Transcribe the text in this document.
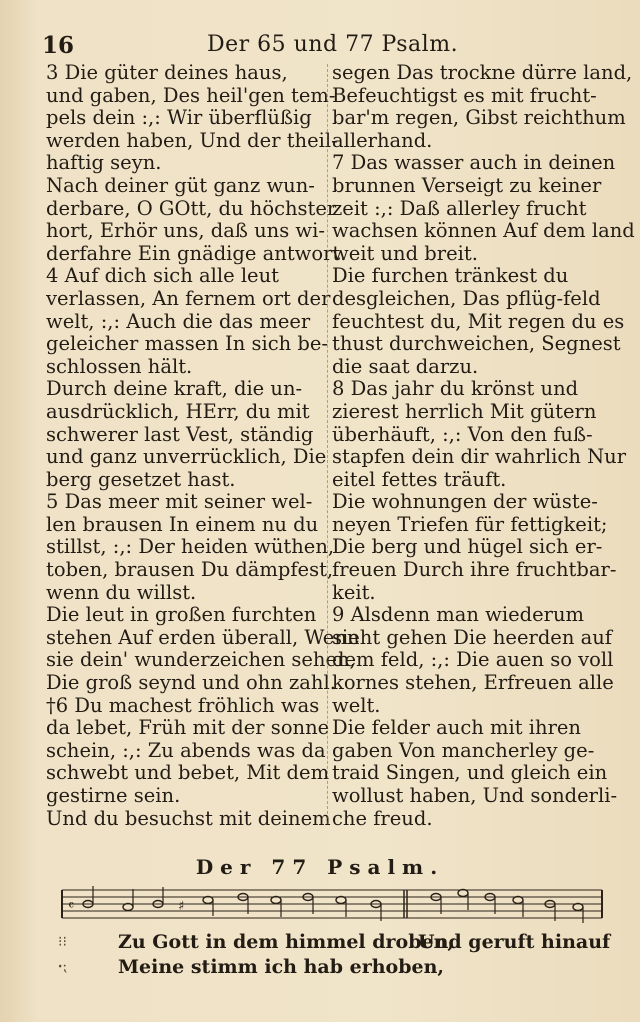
16	Der 65 und 77 Psalm.
3 Die güter deines haus,
und gaben, Des heil'gen tem-
pels dein :,: Wir überflüßig
werden haben, Und der theil-
haftig seyn.
Nach deiner güt ganz wun-
derbare, O GOtt, du höchster
hort, Erhör uns, daß uns wi-
derfahre Ein gnädige antwort.
4 Auf dich sich alle leut
verlassen, An fernem ort der
welt, :,: Auch die das meer
geleicher massen In sich be-
schlossen hält.
Durch deine kraft, die un-
ausdrücklich, HErr, du mit
schwerer last Vest, ständig
und ganz unverrücklich, Die
berg gesetzet hast.
5 Das meer mit seiner wel-
len brausen In einem nu du
stillst, :,: Der heiden wüthen,
toben, brausen Du dämpfest,
wenn du willst.
Die leut in großen furchten
stehen Auf erden überall, Wenn
sie dein' wunderzeichen sehen,
Die groß seynd und ohn zahl.
†6 Du machest fröhlich was
da lebet, Früh mit der sonne
schein, :,: Zu abends was da
schwebt und bebet, Mit dem
gestirne sein.
Und du besuchst mit deinem
segen Das trockne dürre land,
Befeuchtigst es mit frucht-
bar'm regen, Gibst reichthum
allerhand.
7 Das wasser auch in deinen
brunnen Verseigt zu keiner
zeit :,: Daß allerley frucht
wachsen können Auf dem land
weit und breit.
Die furchen tränkest du
desgleichen, Das pflüg-feld
feuchtest du, Mit regen du es
thust durchweichen, Segnest
die saat darzu.
8 Das jahr du krönst und
zierest herrlich Mit gütern
überhäuft, :,: Von den fuß-
stapfen dein dir wahrlich Nur
eitel fettes träuft.
Die wohnungen der wüste-
neyen Triefen für fettigkeit;
Die berg und hügel sich er-
freuen Durch ihre fruchtbar-
keit.
9 Alsdenn man wiederum
sieht gehen Die heerden auf
dem feld, :,: Die auen so voll
kornes stehen, Erfreuen alle
welt.
Die felder auch mit ihren
gaben Von mancherley ge-
traid Singen, und gleich ein
wollust haben, Und sonderli-
che freud.
Der 77 Psalm.
𝄴	♯
⁝⁝
ꞏ⁏
Zu Gott in dem himmel droben,
Und geruft hinauf
Meine stimm ich hab erhoben,
